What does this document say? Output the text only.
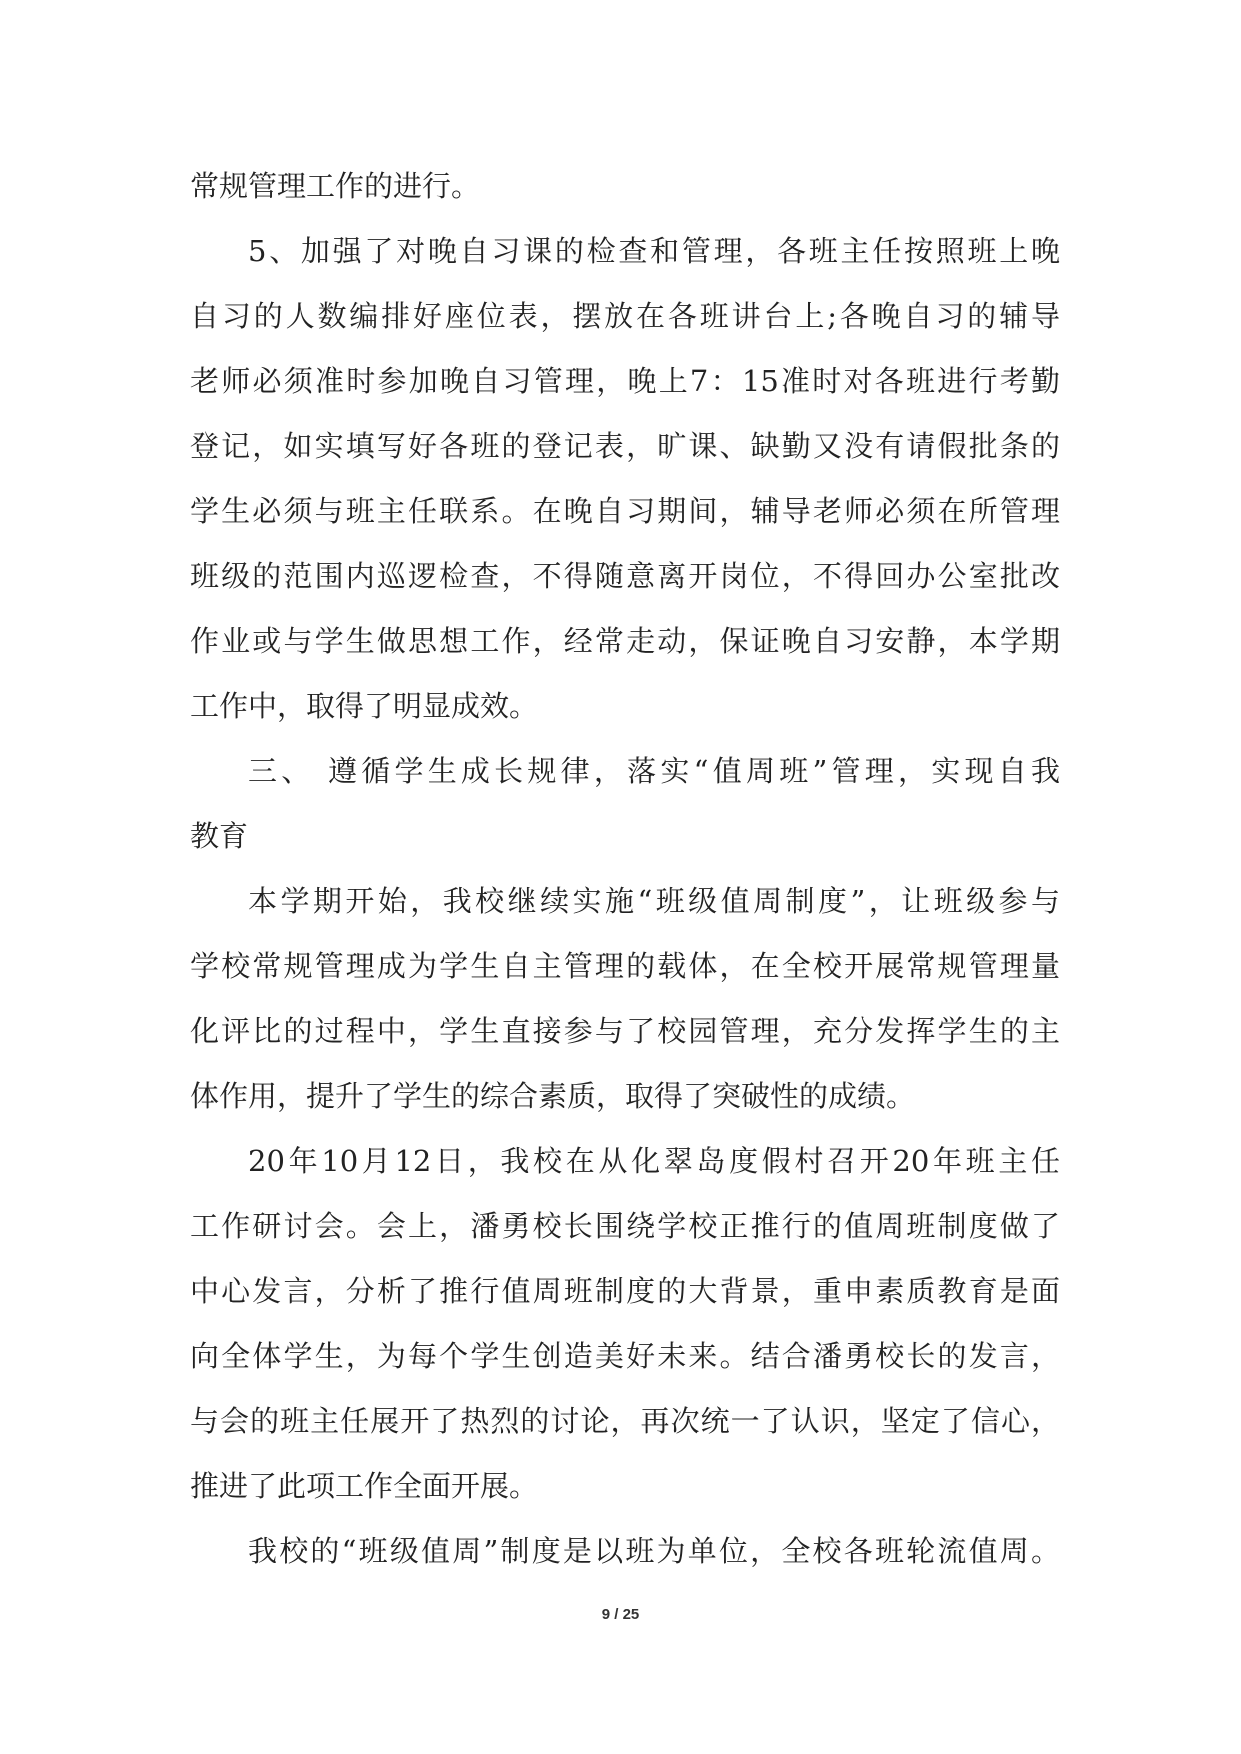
常规管理工作的进行。
5、加强了对晚自习课的检查和管理，各班主任按照班上晚
自习的人数编排好座位表，摆放在各班讲台上;各晚自习的辅导
老师必须准时参加晚自习管理，晚上7：15准时对各班进行考勤
登记，如实填写好各班的登记表，旷课、缺勤又没有请假批条的
学生必须与班主任联系。在晚自习期间，辅导老师必须在所管理
班级的范围内巡逻检查，不得随意离开岗位，不得回办公室批改
作业或与学生做思想工作，经常走动，保证晚自习安静，本学期
工作中，取得了明显成效。
三、 遵循学生成长规律，落实“值周班”管理，实现自我
教育
本学期开始，我校继续实施“班级值周制度”，让班级参与
学校常规管理成为学生自主管理的载体，在全校开展常规管理量
化评比的过程中，学生直接参与了校园管理，充分发挥学生的主
体作用，提升了学生的综合素质，取得了突破性的成绩。
20年10月12日，我校在从化翠岛度假村召开20年班主任
工作研讨会。会上，潘勇校长围绕学校正推行的值周班制度做了
中心发言，分析了推行值周班制度的大背景，重申素质教育是面
向全体学生，为每个学生创造美好未来。结合潘勇校长的发言，
与会的班主任展开了热烈的讨论，再次统一了认识，坚定了信心，
推进了此项工作全面开展。
我校的“班级值周”制度是以班为单位，全校各班轮流值周。
9 / 25
